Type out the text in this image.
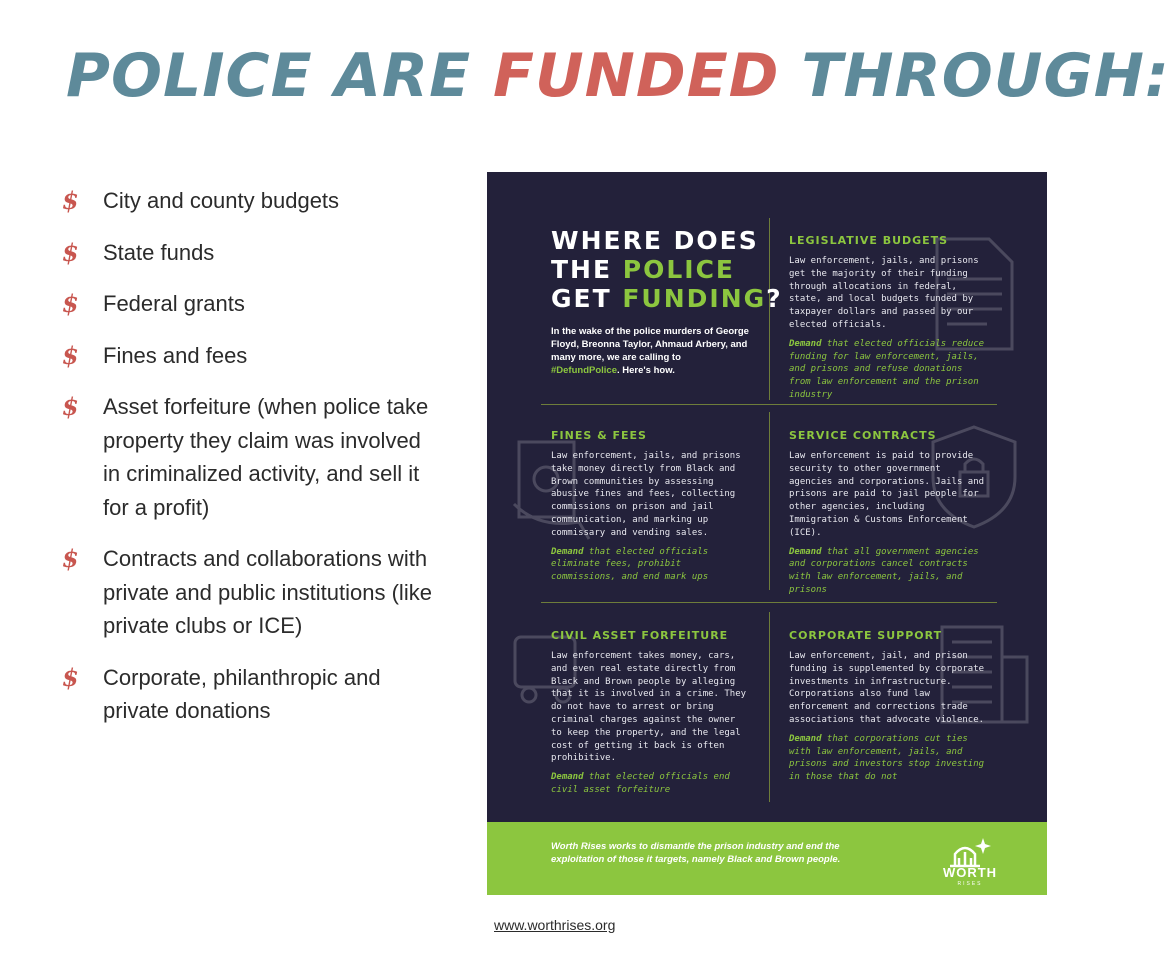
POLICE ARE FUNDED THROUGH:
$ City and county budgets
$ State funds
$ Federal grants
$ Fines and fees
$ Asset forfeiture (when police take property they claim was involved in criminalized activity, and sell it for a profit)
$ Contracts and collaborations with private and public institutions (like private clubs or ICE)
$ Corporate, philanthropic and private donations
WHERE DOES
THE POLICE
GET FUNDING?

In the wake of the police murders of George Floyd, Breonna Taylor, Ahmaud Arbery, and many more, we are calling to #DefundPolice. Here's how.

LEGISLATIVE BUDGETS

Law enforcement, jails, and prisons get the majority of their funding through allocations in federal, state, and local budgets funded by taxpayer dollars and passed by our elected officials.

Demand that elected officials reduce funding for law enforcement, jails, and prisons and refuse donations from law enforcement and the prison industry

FINES & FEES

Law enforcement, jails, and prisons take money directly from Black and Brown communities by assessing abusive fines and fees, collecting commissions on prison and jail communication, and marking up commissary and vending sales.

Demand that elected officials eliminate fees, prohibit commissions, and end mark ups

SERVICE CONTRACTS

Law enforcement is paid to provide security to other government agencies and corporations. Jails and prisons are paid to jail people for other agencies, including Immigration & Customs Enforcement (ICE).

Demand that all government agencies and corporations cancel contracts with law enforcement, jails, and prisons

CIVIL ASSET FORFEITURE

Law enforcement takes money, cars, and even real estate directly from Black and Brown people by alleging that it is involved in a crime. They do not have to arrest or bring criminal charges against the owner to keep the property, and the legal cost of getting it back is often prohibitive.

Demand that elected officials end civil asset forfeiture

CORPORATE SUPPORT

Law enforcement, jail, and prison funding is supplemented by corporate investments in infrastructure. Corporations also fund law enforcement and corrections trade associations that advocate violence.

Demand that corporations cut ties with law enforcement, jails, and prisons and investors stop investing in those that do not

Worth Rises works to dismantle the prison industry and end the exploitation of those it targets, namely Black and Brown people.

WORTH
RISES
www.worthrises.org
